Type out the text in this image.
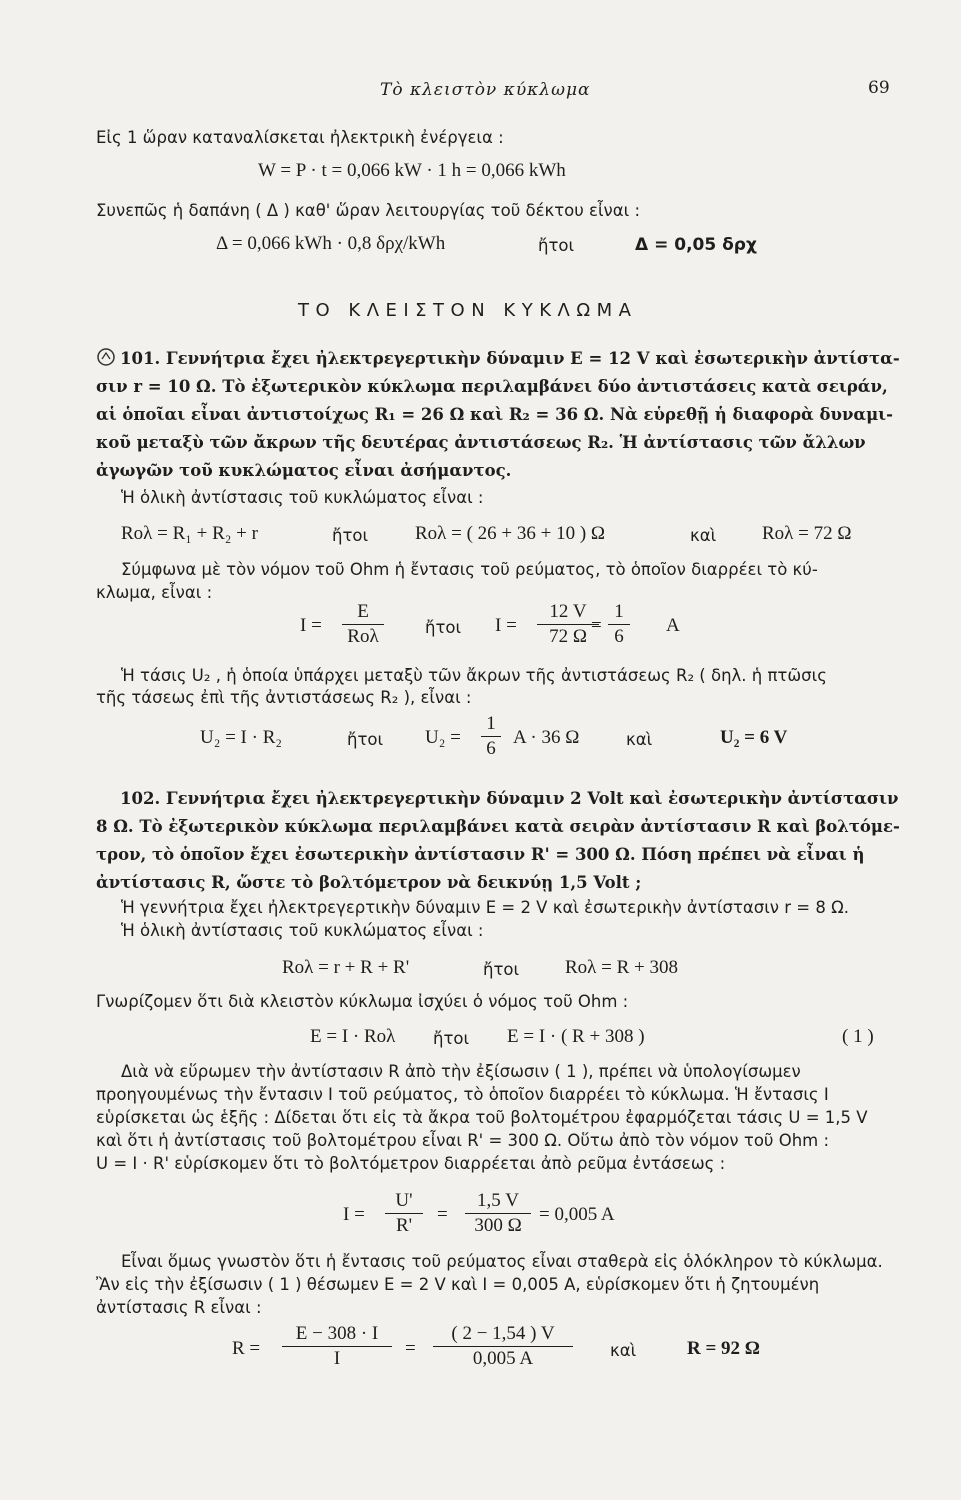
Τὸ κλειστὸν κύκλωμα	69
Εἰς 1 ὥραν καταναλίσκεται ἠλεκτρικὴ ἐνέργεια :
W = P · t = 0,066 kW · 1 h = 0,066 kWh
Συνεπῶς ἡ δαπάνη ( Δ ) καθ' ὥραν λειτουργίας τοῦ δέκτου εἶναι :
Δ = 0,066 kWh · 0,8 δρχ/kWh	ἤτοι	Δ = 0,05 δρχ
ΤΟ ΚΛΕΙΣΤΟΝ ΚΥΚΛΩΜΑ
101. Γεννήτρια ἔχει ἠλεκτρεγερτικὴν δύναμιν E = 12 V καὶ ἐσωτερικὴν ἀντίστα-
σιν r = 10 Ω. Τὸ ἐξωτερικὸν κύκλωμα περιλαμβάνει δύο ἀντιστάσεις κατὰ σειράν,
αἱ ὁποῖαι εἶναι ἀντιστοίχως R₁ = 26 Ω καὶ R₂ = 36 Ω. Νὰ εὑρεθῇ ἡ διαφορὰ δυναμι-
κοῦ μεταξὺ τῶν ἄκρων τῆς δευτέρας ἀντιστάσεως R₂. Ἡ ἀντίστασις τῶν ἄλλων
ἀγωγῶν τοῦ κυκλώματος εἶναι ἀσήμαντος.
Ἡ ὁλικὴ ἀντίστασις τοῦ κυκλώματος εἶναι :
Rολ = R₁ + R₂ + r	ἤτοι Rολ = ( 26 + 36 + 10 ) Ω	καὶ Rολ = 72 Ω
Σύμφωνα μὲ τὸν νόμον τοῦ Ohm ἡ ἔντασις τοῦ ρεύματος, τὸ ὁποῖον διαρρέει τὸ κύ-
κλωμα, εἶναι :
I =
E
Rολ	ἤτοι $I = \frac{12 V}{72 \Omega}$
= $\frac{1}{6}$ A
Ἡ τάσις U₂ , ἡ ὁποία ὑπάρχει μεταξὺ τῶν ἄκρων τῆς ἀντιστάσεως R₂ ( δηλ. ἡ πτῶσις
τῆς τάσεως ἐπὶ τῆς ἀντιστάσεως R₂ ), εἶναι :
U₂ = I · R₂	ἤτοι $U_2 = \frac{1}{6}$ A · 36 Ω	καὶ	U₂ = 6 V
102. Γεννήτρια ἔχει ἠλεκτρεγερτικὴν δύναμιν 2 Volt καὶ ἐσωτερικὴν ἀντίστασιν
8 Ω. Τὸ ἐξωτερικὸν κύκλωμα περιλαμβάνει κατὰ σειρὰν ἀντίστασιν R καὶ βολτόμε-
τρον, τὸ ὁποῖον ἔχει ἐσωτερικὴν ἀντίστασιν R' = 300 Ω. Πόση πρέπει νὰ εἶναι ἡ
ἀντίστασις R, ὥστε τὸ βολτόμετρον νὰ δεικνύῃ 1,5 Volt ;
Ἡ γεννήτρια ἔχει ἠλεκτρεγερτικὴν δύναμιν E = 2 V καὶ ἐσωτερικὴν ἀντίστασιν r = 8 Ω.
Ἡ ὁλικὴ ἀντίστασις τοῦ κυκλώματος εἶναι :
Rολ = r + R + R'	ἤτοι Rολ = R + 308
Γνωρίζομεν ὅτι διὰ κλειστὸν κύκλωμα ἰσχύει ὁ νόμος τοῦ Ohm :
E = I · Rολ ἤτοι E = I · ( R + 308 )	( 1 )
Διὰ νὰ εὕρωμεν τὴν ἀντίστασιν R ἀπὸ τὴν ἐξίσωσιν ( 1 ), πρέπει νὰ ὑπολογίσωμεν
προηγουμένως τὴν ἔντασιν I τοῦ ρεύματος, τὸ ὁποῖον διαρρέει τὸ κύκλωμα. Ἡ ἔντασις I
εὑρίσκεται ὡς ἑξῆς : Δίδεται ὅτι εἰς τὰ ἄκρα τοῦ βολτομέτρου ἐφαρμόζεται τάσις U = 1,5 V
καὶ ὅτι ἡ ἀντίστασις τοῦ βολτομέτρου εἶναι R' = 300 Ω. Οὕτω ἀπὸ τὸν νόμον τοῦ Ohm :
U = I · R' εὑρίσκομεν ὅτι τὸ βολτόμετρον διαρρέεται ἀπὸ ρεῦμα ἐντάσεως :
$I = \frac{U'}{R'} = \frac{1,5 V}{300 \Omega} = 0,005$ A
Εἶναι ὅμως γνωστὸν ὅτι ἡ ἔντασις τοῦ ρεύματος εἶναι σταθερὰ εἰς ὁλόκληρον τὸ κύκλωμα.
Ἂν εἰς τὴν ἐξίσωσιν ( 1 ) θέσωμεν E = 2 V καὶ I = 0,005 A, εὑρίσκομεν ὅτι ἡ ζητουμένη
ἀντίστασις R εἶναι :
$R = \frac{E - 308 \cdot I}{I} = \frac{( 2 - 1,54 ) V}{0,005 A}$ καὶ	R = 92 Ω
